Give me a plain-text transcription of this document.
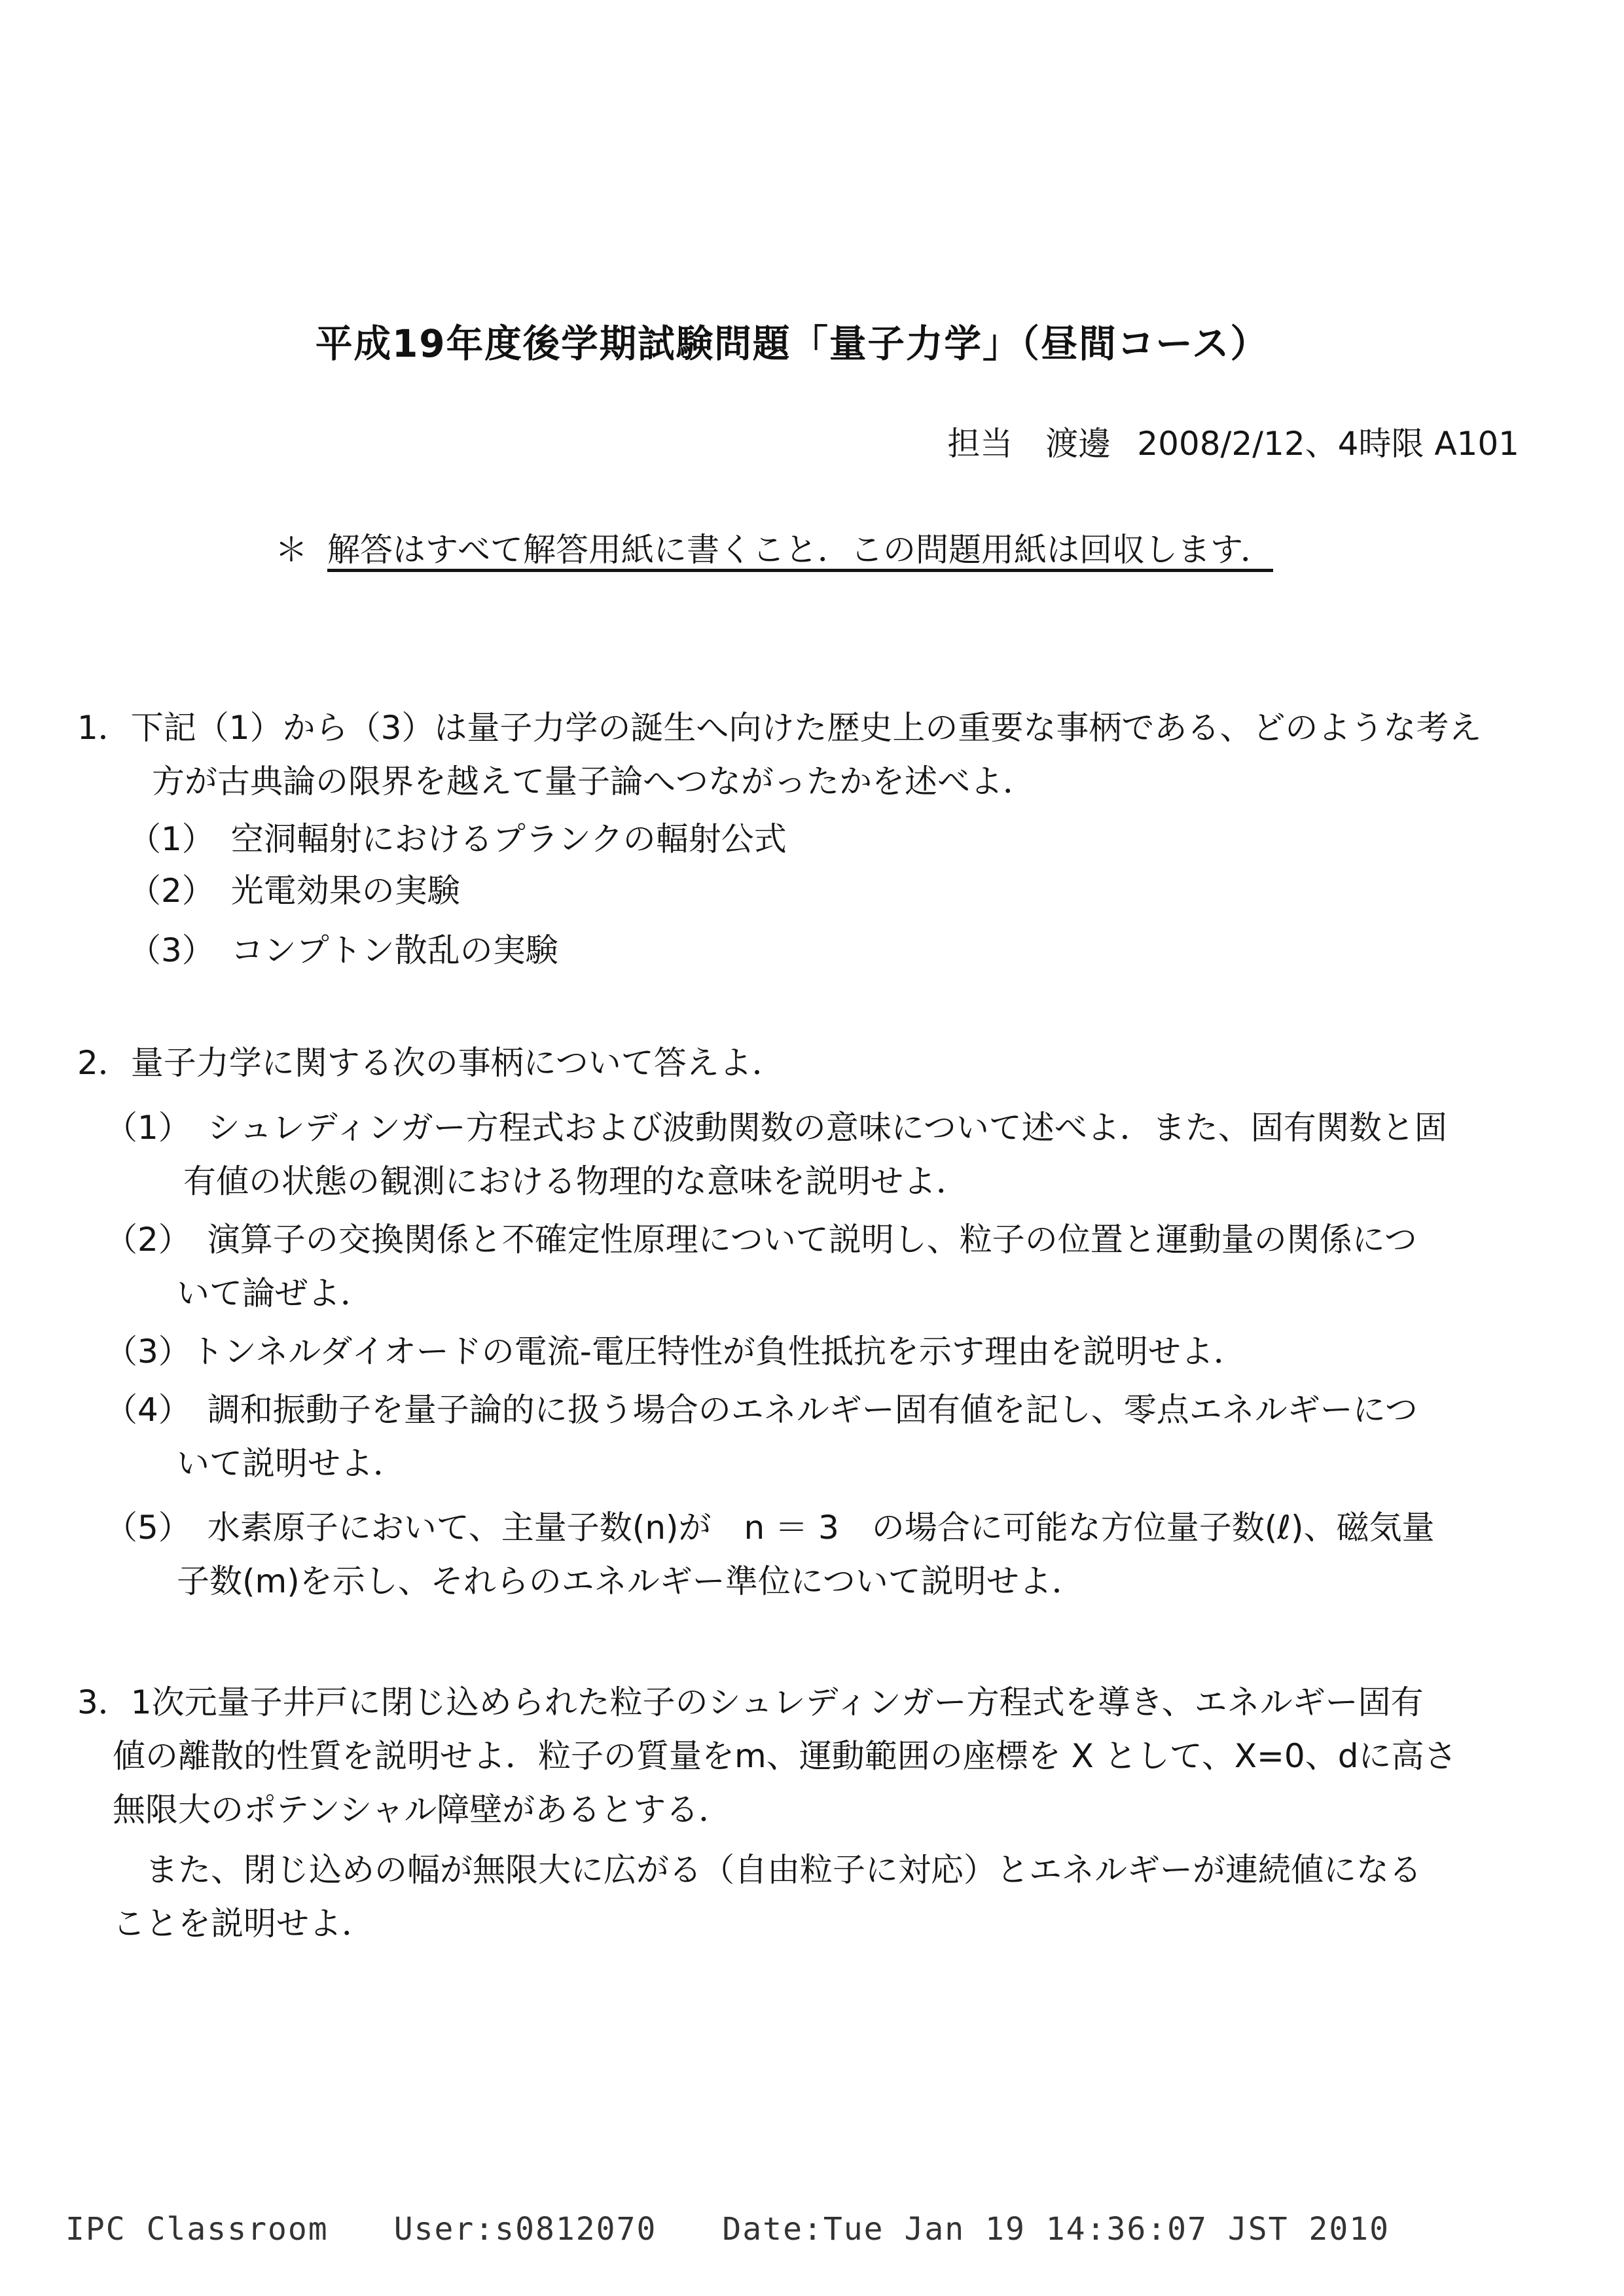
平成19年度後学期試験問題「量子力学」（昼間コース）
担当　渡邊 2008/2/12、4時限 A101
＊ 解答はすべて解答用紙に書くこと．この問題用紙は回収します．
1．下記（1）から（3）は量子力学の誕生へ向けた歴史上の重要な事柄である、どのような考え
方が古典論の限界を越えて量子論へつながったかを述べよ．
（1）　空洞輻射におけるプランクの輻射公式
（2）　光電効果の実験
（3）　コンプトン散乱の実験
2．量子力学に関する次の事柄について答えよ．
（1）　シュレディンガー方程式および波動関数の意味について述べよ．また、固有関数と固
有値の状態の観測における物理的な意味を説明せよ．
（2）　演算子の交換関係と不確定性原理について説明し、粒子の位置と運動量の関係につ
いて論ぜよ．
（3）トンネルダイオードの電流-電圧特性が負性抵抗を示す理由を説明せよ．
（4）　調和振動子を量子論的に扱う場合のエネルギー固有値を記し、零点エネルギーにつ
いて説明せよ．
（5）　水素原子において、主量子数(n)が　n ＝ 3　の場合に可能な方位量子数(ℓ)、磁気量
子数(m)を示し、それらのエネルギー準位について説明せよ．
3．1次元量子井戸に閉じ込められた粒子のシュレディンガー方程式を導き、エネルギー固有
値の離散的性質を説明せよ．粒子の質量をm、運動範囲の座標を X として、X=0、dに高さ
無限大のポテンシャル障壁があるとする．
また、閉じ込めの幅が無限大に広がる（自由粒子に対応）とエネルギーが連続値になる
ことを説明せよ．
IPC Classroom User:s0812070 Date:Tue Jan 19 14:36:07 JST 2010
